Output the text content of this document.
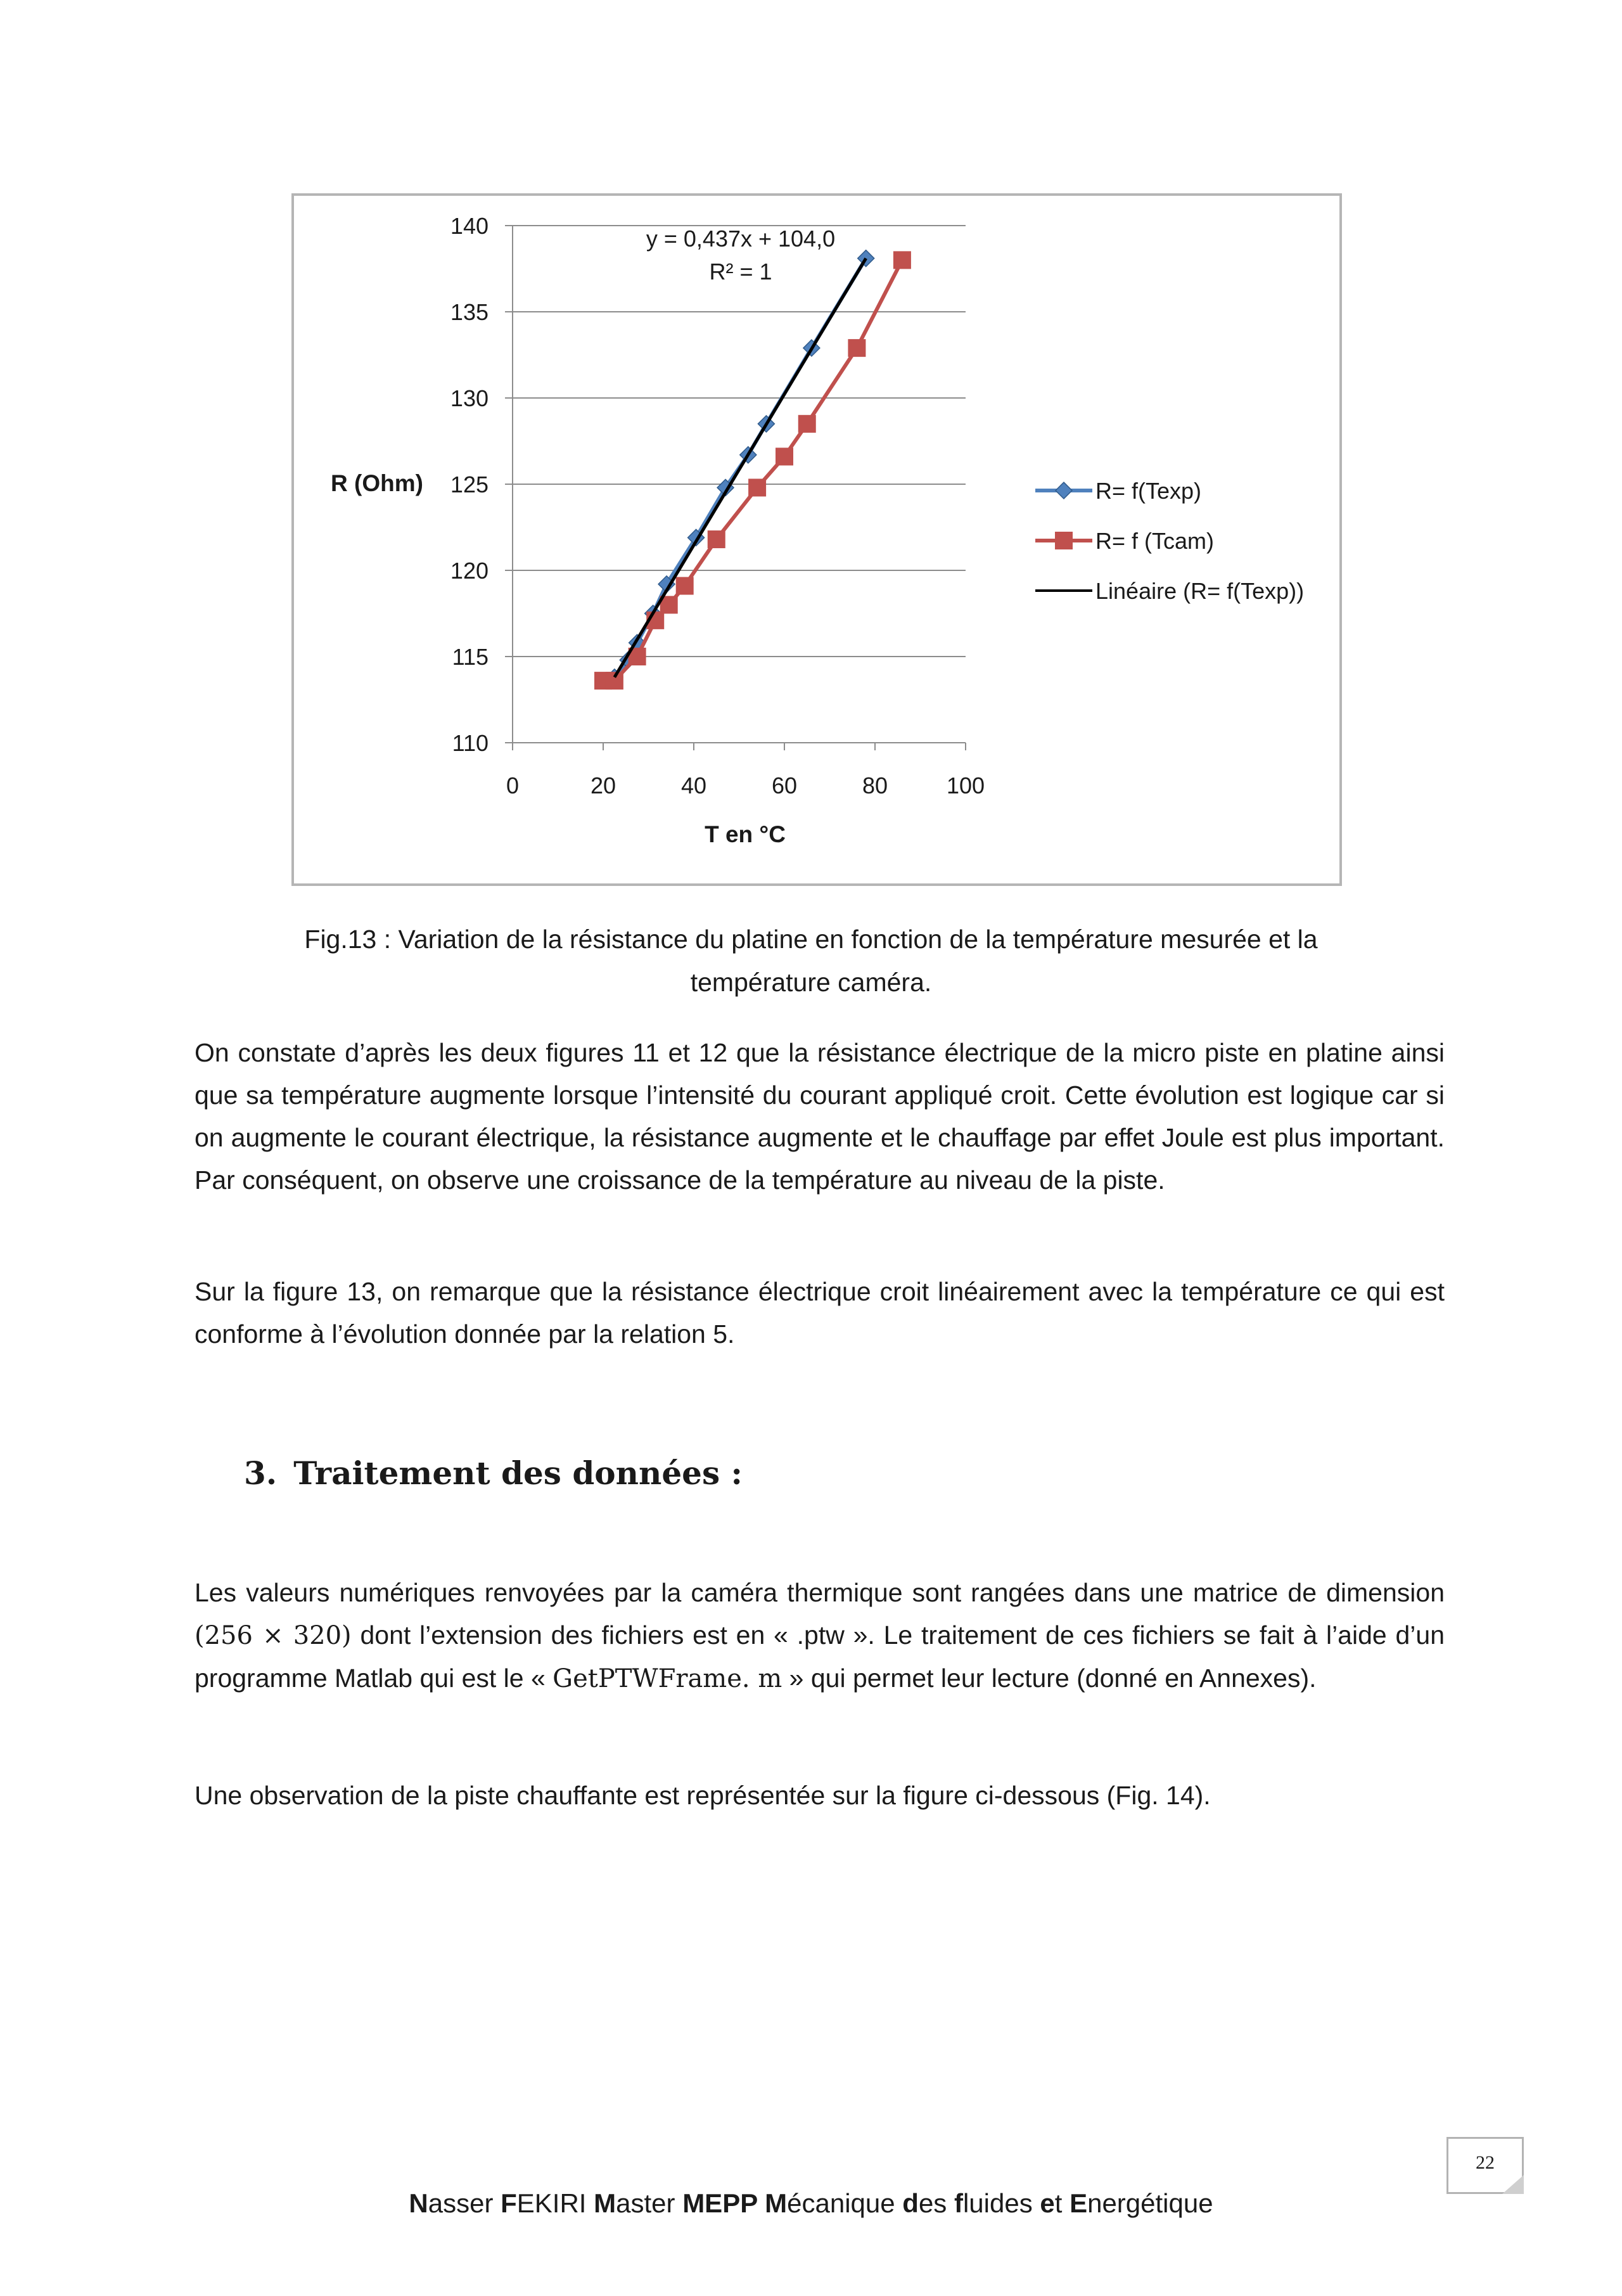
110
115
120
125
130
135
140
0	20	40	60	80	100
y = 0,437x + 104,0
R² = 1
R (Ohm)
T en °C
R= f(Texp)
R= f (Tcam)
Linéaire (R= f(Texp))
Fig.13 : Variation de la résistance du platine en fonction de la température mesurée et la
température caméra.

On constate d’après les deux figures 11 et 12 que la résistance électrique de la micro piste en platine ainsi que sa température augmente lorsque l’intensité du courant appliqué croit. Cette évolution est logique car si on augmente le courant électrique, la résistance augmente et le chauffage par effet Joule est plus important. Par conséquent, on observe une croissance de la température au niveau de la piste.

Sur la figure 13, on remarque que la résistance électrique croit linéairement avec la température ce qui est conforme à l’évolution donnée par la relation 5.

3. Traitement des données :

Les valeurs numériques renvoyées par la caméra thermique sont rangées dans une matrice de dimension (256 × 320) dont l’extension des fichiers est en « .ptw ». Le traitement de ces fichiers se fait à l’aide d’un programme Matlab qui est le « GetPTWFrame. m » qui permet leur lecture (donné en Annexes).

Une observation de la piste chauffante est représentée sur la figure ci-dessous (Fig. 14).

22
Nasser FEKIRI Master MEPP Mécanique des fluides et Energétique
